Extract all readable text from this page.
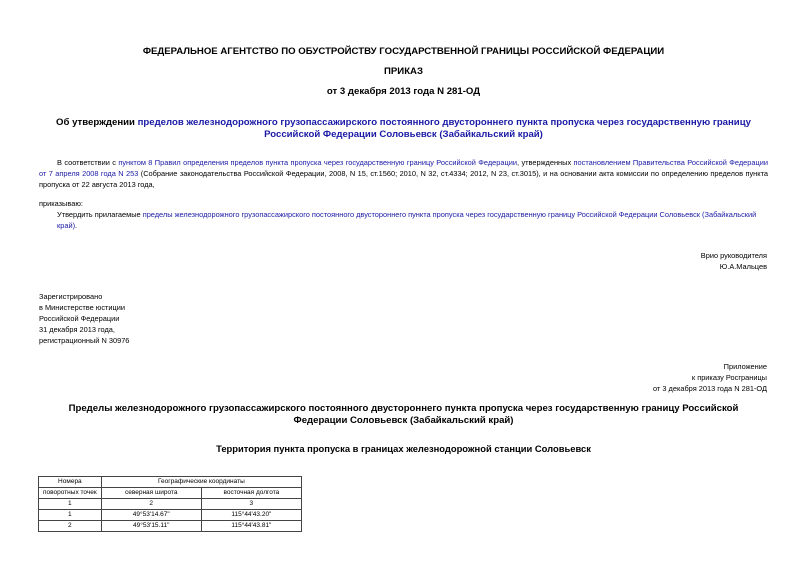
ФЕДЕРАЛЬНОЕ АГЕНТСТВО ПО ОБУСТРОЙСТВУ ГОСУДАРСТВЕННОЙ ГРАНИЦЫ РОССИЙСКОЙ ФЕДЕРАЦИИ
ПРИКАЗ
от 3 декабря 2013 года N 281-ОД
Об утверждении пределов железнодорожного грузопассажирского постоянного двустороннего пункта пропуска через государственную границу Российской Федерации Соловьевск (Забайкальский край)
В соответствии с пунктом 8 Правил определения пределов пункта пропуска через государственную границу Российской Федерации, утвержденных постановлением Правительства Российской Федерации от 7 апреля 2008 года N 253 (Собрание законодательства Российской Федерации, 2008, N 15, ст.1560; 2010, N 32, ст.4334; 2012, N 23, ст.3015), и на основании акта комиссии по определению пределов пункта пропуска от 22 августа 2013 года,
приказываю:
Утвердить прилагаемые пределы железнодорожного грузопассажирского постоянного двустороннего пункта пропуска через государственную границу Российской Федерации Соловьевск (Забайкальский край).
Врио руководителя
Ю.А.Мальцев
Зарегистрировано
в Министерстве юстиции
Российской Федерации
31 декабря 2013 года,
регистрационный N 30976
Приложение
к приказу Росграницы
от 3 декабря 2013 года N 281-ОД
Пределы железнодорожного грузопассажирского постоянного двустороннего пункта пропуска через государственную границу Российской Федерации Соловьевск (Забайкальский край)
Территория пункта пропуска в границах железнодорожной станции Соловьевск
Номера	Географические координаты	
поворотных точек	северная широта	восточная долгота
1	2	3
1	49°53'14.67"	115°44'43.20"
2	49°53'15.11"	115°44'43.81"
